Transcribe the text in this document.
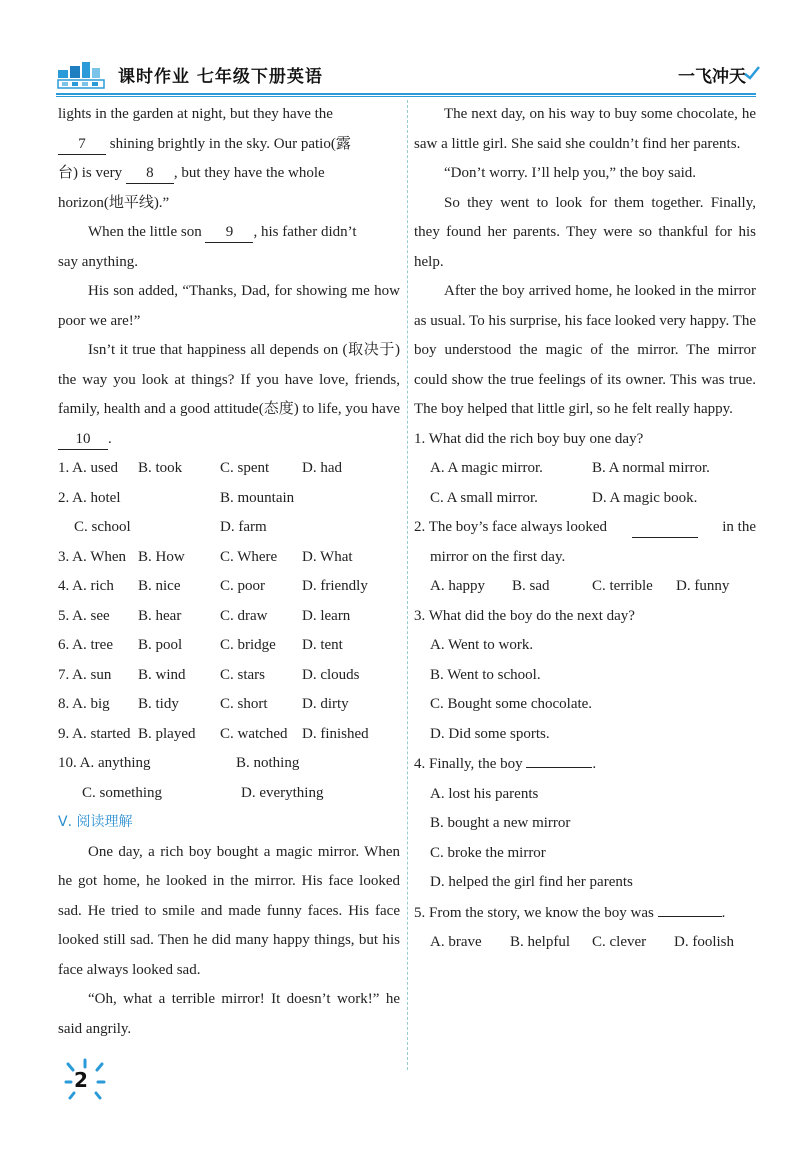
课时作业 七年级下册英语	一飞冲天

lights in the garden at night, but they have the
7 shining brightly in the sky. Our patio(露
台) is very 8 , but they have the whole
horizon(地平线).”

When the little son 9 , his father didn’t
say anything.

His son added, “Thanks, Dad, for showing me how poor we are!”

Isn’t it true that happiness all depends on (取决于) the way you look at things? If you have love, friends, family, health and a good attitude(态度) to life, you have 10 .

1. A. used	B. took	C. spent	D. had
2. A. hotel	B. mountain
C. school	D. farm
3. A. When B. How	C. Where	D. What
4. A. rich	B. nice	C. poor	D. friendly
5. A. see	B. hear	C. draw	D. learn
6. A. tree	B. pool	C. bridge	D. tent
7. A. sun	B. wind	C. stars	D. clouds
8. A. big	B. tidy	C. short	D. dirty
9. A. started B. played	C. watched D. finished
10. A. anything	B. nothing
C. something	D. everything

Ⅴ. 阅读理解

One day, a rich boy bought a magic mirror. When he got home, he looked in the mirror. His face looked sad. He tried to smile and made funny faces. His face looked still sad. Then he did many happy things, but his face always looked sad.

“Oh, what a terrible mirror! It doesn’t work!” he said angrily.

The next day, on his way to buy some chocolate, he saw a little girl. She said she couldn’t find her parents.

“Don’t worry. I’ll help you,” the boy said.

So they went to look for them together. Finally, they found her parents. They were so thankful for his help.

After the boy arrived home, he looked in the mirror as usual. To his surprise, his face looked very happy. The boy understood the magic of the mirror. The mirror could show the true feelings of its owner. This was true. The boy helped that little girl, so he felt really happy.

1. What did the rich boy buy one day?

A. A magic mirror.	B. A normal mirror.
C. A small mirror.	D. A magic book.

2. The boy’s face always looked	in the

mirror on the first day.

A. happy	B. sad	C. terrible	D. funny

3. What did the boy do the next day?

A. Went to work.

B. Went to school.

C. Bought some chocolate.

D. Did some sports.

4. Finally, the boy	.

A. lost his parents

B. bought a new mirror

C. broke the mirror

D. helped the girl find her parents

5. From the story, we know the boy was	.

A. brave	B. helpful	C. clever	D. foolish
2
